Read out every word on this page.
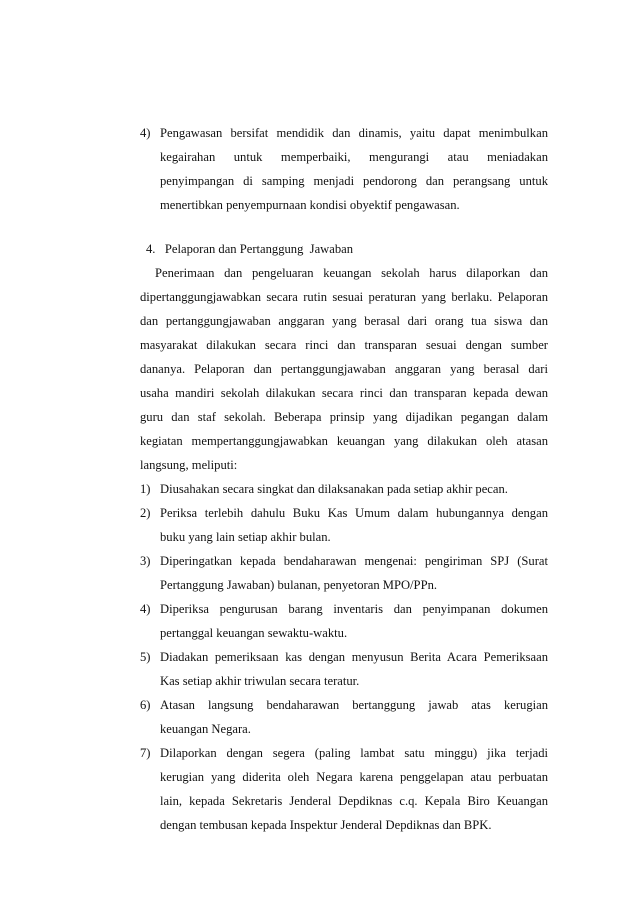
4) Pengawasan bersifat mendidik dan dinamis, yaitu dapat menimbulkan
kegairahan untuk memperbaiki, mengurangi atau meniadakan
penyimpangan di samping menjadi pendorong dan perangsang untuk
menertibkan penyempurnaan kondisi obyektif pengawasan.
4.   Pelaporan dan Pertanggung  Jawaban
Penerimaan dan pengeluaran keuangan sekolah harus dilaporkan dan
dipertanggungjawabkan secara rutin sesuai peraturan yang berlaku. Pelaporan
dan pertanggungjawaban anggaran yang berasal dari orang tua siswa dan
masyarakat dilakukan secara rinci dan transparan sesuai dengan sumber
dananya. Pelaporan dan pertanggungjawaban anggaran yang berasal dari
usaha mandiri sekolah dilakukan secara rinci dan transparan kepada dewan
guru dan staf sekolah. Beberapa prinsip yang dijadikan pegangan dalam
kegiatan mempertanggungjawabkan keuangan yang dilakukan oleh atasan
langsung, meliputi:
1) Diusahakan secara singkat dan dilaksanakan pada setiap akhir pecan.
2) Periksa terlebih dahulu Buku Kas Umum dalam hubungannya dengan
buku yang lain setiap akhir bulan.
3) Diperingatkan kepada bendaharawan mengenai: pengiriman SPJ (Surat
Pertanggung Jawaban) bulanan, penyetoran MPO/PPn.
4) Diperiksa pengurusan barang inventaris dan penyimpanan dokumen
pertanggal keuangan sewaktu-waktu.
5) Diadakan pemeriksaan kas dengan menyusun Berita Acara Pemeriksaan
Kas setiap akhir triwulan secara teratur.
6) Atasan langsung bendaharawan bertanggung jawab atas kerugian
keuangan Negara.
7) Dilaporkan dengan segera (paling lambat satu minggu) jika terjadi
kerugian yang diderita oleh Negara karena penggelapan atau perbuatan
lain, kepada Sekretaris Jenderal Depdiknas c.q. Kepala Biro Keuangan
dengan tembusan kepada Inspektur Jenderal Depdiknas dan BPK.
